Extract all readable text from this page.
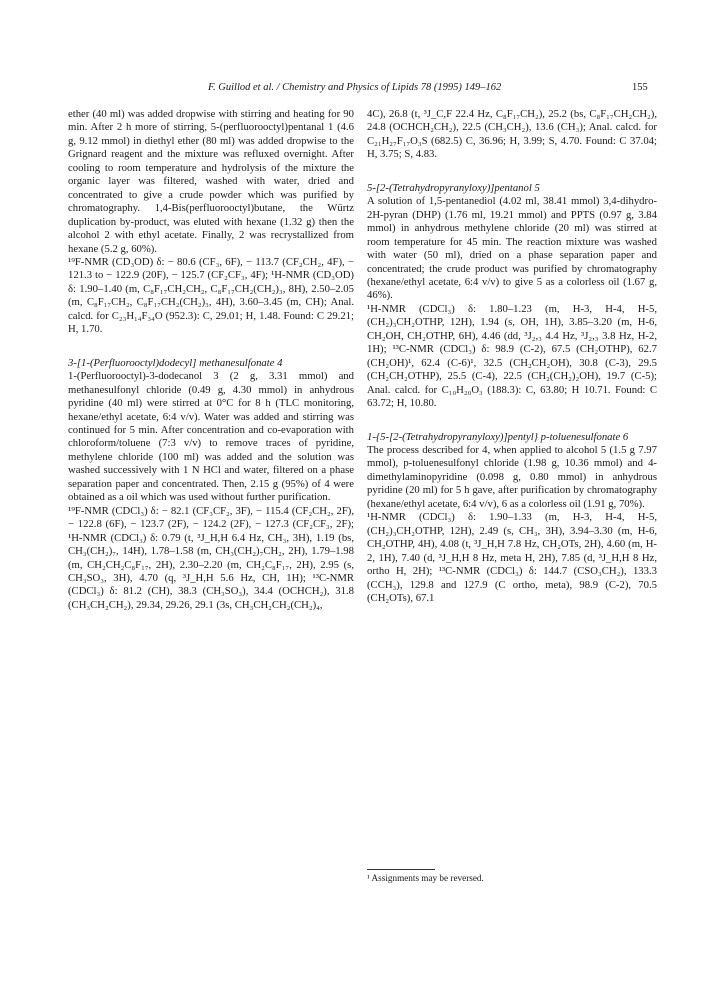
F. Guillod et al. / Chemistry and Physics of Lipids 78 (1995) 149–162	155

ether (40 ml) was added dropwise with stirring and heating for 90 min. After 2 h more of stirring, 5-(perfluorooctyl)pentanal 1 (4.6 g, 9.12 mmol) in diethyl ether (80 ml) was added dropwise to the Grignard reagent and the mixture was refluxed overnight. After cooling to room temperature and hydrolysis of the mixture the organic layer was filtered, washed with water, dried and concentrated to give a crude powder which was purified by chromatography. 1,4-Bis(perfluorooctyl)butane, the Würtz duplication by-product, was eluted with hexane (1.32 g) then the alcohol 2 with ethyl acetate. Finally, 2 was recrystallized from hexane (5.2 g, 60%).

¹⁹F-NMR (CD₃OD) δ: − 80.6 (CF₃, 6F), − 113.7 (CF₂CH₂, 4F), − 121.3 to − 122.9 (20F), − 125.7 (CF₂CF₃, 4F); ¹H-NMR (CD₃OD) δ: 1.90–1.40 (m, C₈F₁₇CH₂CH₂, C₈F₁₇CH₂(CH₂)₃, 8H), 2.50–2.05 (m, C₈F₁₇CH₂, C₈F₁₇CH₂(CH₂)₃, 4H), 3.60–3.45 (m, CH); Anal. calcd. for C₂₃H₁₄F₃₄O (952.3): C, 29.01; H, 1.48. Found: C 29.21; H, 1.70.

3-[1-(Perfluorooctyl)dodecyl] methanesulfonate 4

1-(Perfluorooctyl)-3-dodecanol 3 (2 g, 3.31 mmol) and methanesulfonyl chloride (0.49 g, 4.30 mmol) in anhydrous pyridine (40 ml) were stirred at 0°C for 8 h (TLC monitoring, hexane/ethyl acetate, 6:4 v/v). Water was added and stirring was continued for 5 min. After concentration and co-evaporation with chloroform/toluene (7:3 v/v) to remove traces of pyridine, methylene chloride (100 ml) was added and the solution was washed successively with 1 N HCl and water, filtered on a phase separation paper and concentrated. Then, 2.15 g (95%) of 4 were obtained as a oil which was used without further purification.

¹⁹F-NMR (CDCl₃) δ: − 82.1 (CF₃CF₂, 3F), − 115.4 (CF₂CH₂, 2F), − 122.8 (6F), − 123.7 (2F), − 124.2 (2F), − 127.3 (CF₂CF₃, 2F); ¹H-NMR (CDCl₃) δ: 0.79 (t, ³J_H,H 6.4 Hz, CH₃, 3H), 1.19 (bs, CH₃(CH₂)₇, 14H), 1.78–1.58 (m, CH₃(CH₂)₇CH₂, 2H), 1.79–1.98 (m, CH₂CH₂C₈F₁₇, 2H), 2.30–2.20 (m, CH₂C₈F₁₇, 2H), 2.95 (s, CH₃SO₃, 3H), 4.70 (q, ³J_H,H 5.6 Hz, CH, 1H); ¹³C-NMR (CDCl₃) δ: 81.2 (CH), 38.3 (CH₃SO₃), 34.4 (OCHCH₂), 31.8 (CH₃CH₂CH₂), 29.34, 29.26, 29.1 (3s, CH₃CH₂CH₂(CH₂)₄,

4C), 26.8 (t, ³J_C,F 22.4 Hz, C₈F₁₇CH₂), 25.2 (bs, C₈F₁₇CH₂CH₂), 24.8 (OCHCH₂CH₂), 22.5 (CH₃CH₂), 13.6 (CH₃); Anal. calcd. for C₂₁H₂₇F₁₇O₃S (682.5) C, 36.96; H, 3.99; S, 4.70. Found: C 37.04; H, 3.75; S, 4.83.

5-[2-(Tetrahydropyranyloxy)]pentanol 5

A solution of 1,5-pentanediol (4.02 ml, 38.41 mmol) 3,4-dihydro-2H-pyran (DHP) (1.76 ml, 19.21 mmol) and PPTS (0.97 g, 3.84 mmol) in anhydrous methylene chloride (20 ml) was stirred at room temperature for 45 min. The reaction mixture was washed with water (50 ml), dried on a phase separation paper and concentrated; the crude product was purified by chromatography (hexane/ethyl acetate, 6:4 v/v) to give 5 as a colorless oil (1.67 g, 46%).

¹H-NMR (CDCl₃) δ: 1.80–1.23 (m, H-3, H-4, H-5, (CH₂)₃CH₂OTHP, 12H), 1.94 (s, OH, 1H), 3.85–3.20 (m, H-6, CH₂OH, CH₂OTHP, 6H), 4.46 (dd, ³J₂,₃ 4.4 Hz, ³J₂,₃ 3.8 Hz, H-2, 1H); ¹³C-NMR (CDCl₃) δ: 98.9 (C-2), 67.5 (CH₂OTHP), 62.7 (CH₂OH)¹, 62.4 (C-6)¹, 32.5 (CH₂CH₂OH), 30.8 (C-3), 29.5 (CH₂CH₂OTHP), 25.5 (C-4), 22.5 (CH₂(CH₂)₂OH), 19.7 (C-5); Anal. calcd. for C₁₀H₂₀O₃ (188.3): C, 63.80; H 10.71. Found: C 63.72; H, 10.80.

1-{5-[2-(Tetrahydropyranyloxy)]pentyl} p-toluenesulfonate 6

The process described for 4, when applied to alcohol 5 (1.5 g 7.97 mmol), p-toluenesulfonyl chloride (1.98 g, 10.36 mmol) and 4-dimethylaminopyridine (0.098 g, 0.80 mmol) in anhydrous pyridine (20 ml) for 5 h gave, after purification by chromatography (hexane/ethyl acetate, 6:4 v/v), 6 as a colorless oil (1.91 g, 70%).

¹H-NMR (CDCl₃) δ: 1.90–1.33 (m, H-3, H-4, H-5, (CH₂)₃CH₂OTHP, 12H), 2.49 (s, CH₃, 3H), 3.94–3.30 (m, H-6, CH₂OTHP, 4H), 4.08 (t, ³J_H,H 7.8 Hz, CH₂OTs, 2H), 4.60 (m, H-2, 1H), 7.40 (d, ³J_H,H 8 Hz, meta H, 2H), 7.85 (d, ³J_H,H 8 Hz, ortho H, 2H); ¹³C-NMR (CDCl₃) δ: 144.7 (CSO₃CH₂), 133.3 (CCH₃), 129.8 and 127.9 (C ortho, meta), 98.9 (C-2), 70.5 (CH₂OTs), 67.1

¹ Assignments may be reversed.
